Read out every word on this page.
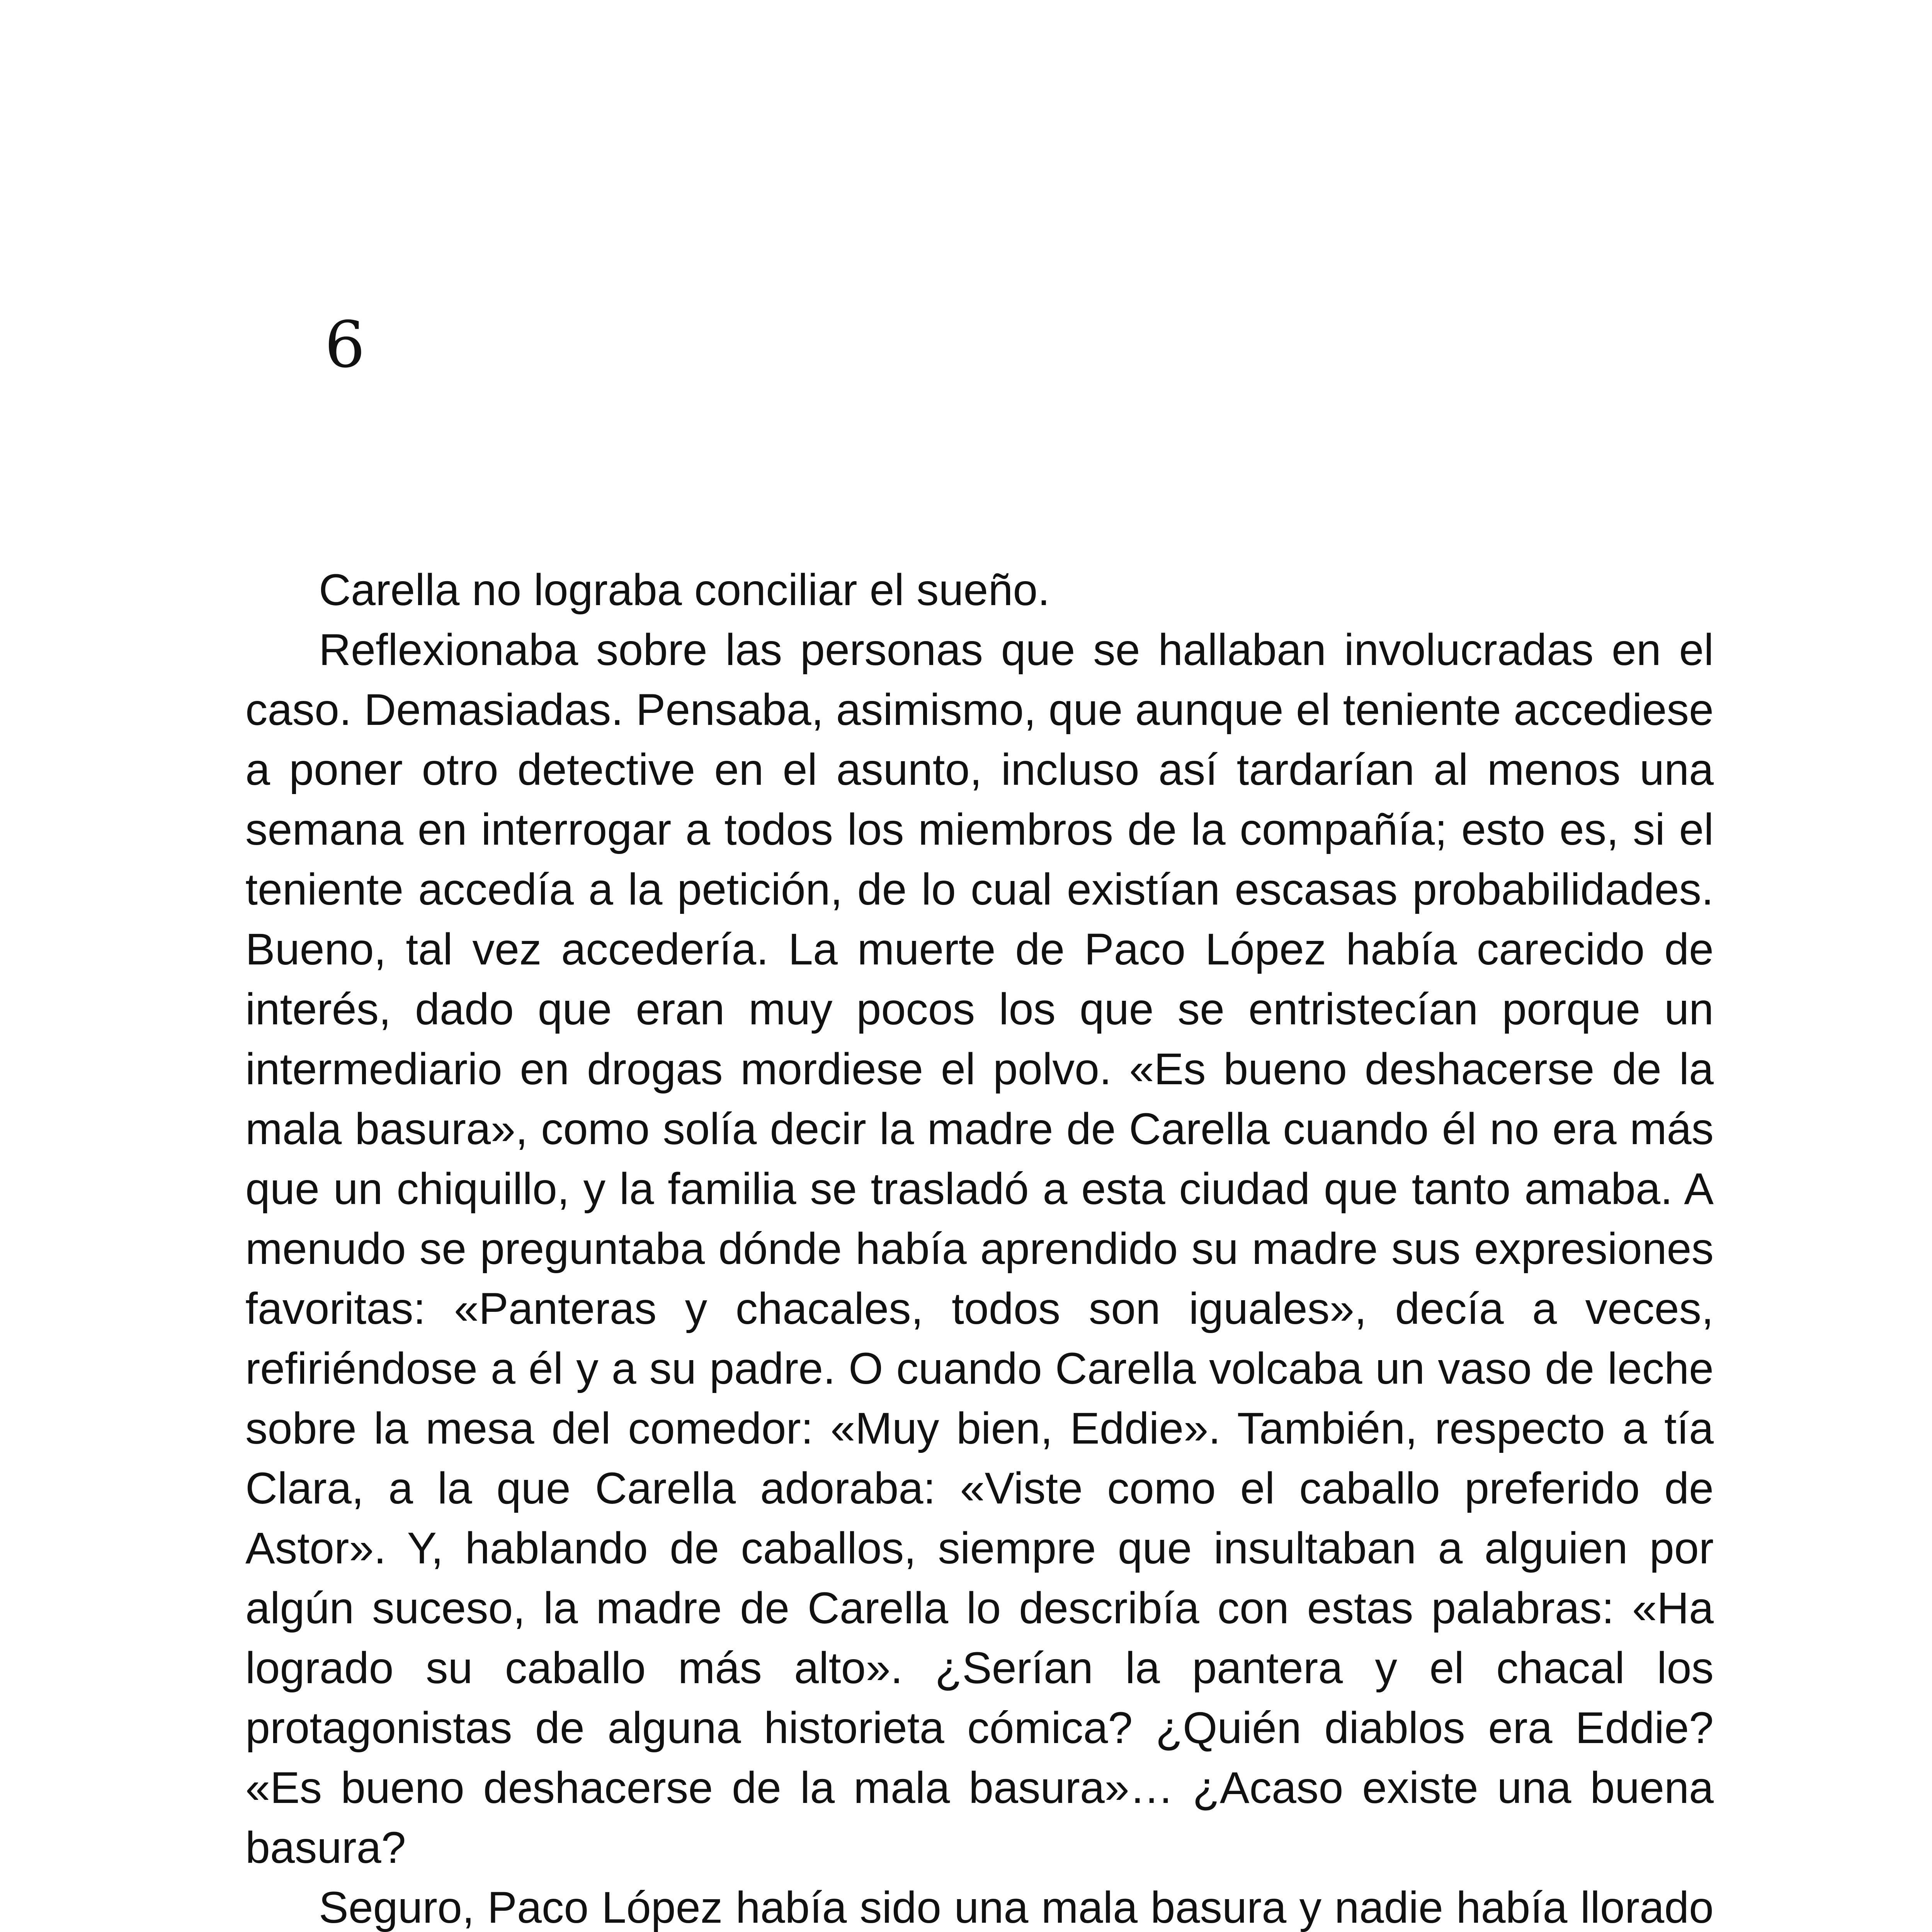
6

Carella no lograba conciliar el sueño.

Reflexionaba sobre las personas que se hallaban involucradas en el caso. Demasiadas. Pensaba, asimismo, que aunque el teniente accediese a poner otro detective en el asunto, incluso así tardarían al menos una semana en interrogar a todos los miembros de la compañía; esto es, si el teniente accedía a la petición, de lo cual existían escasas probabilidades. Bueno, tal vez accedería. La muerte de Paco López había carecido de interés, dado que eran muy pocos los que se entristecían porque un intermediario en drogas mordiese el polvo. «Es bueno deshacerse de la mala basura», como solía decir la madre de Carella cuando él no era más que un chiquillo, y la familia se trasladó a esta ciudad que tanto amaba. A menudo se preguntaba dónde había aprendido su madre sus expresiones favoritas: «Panteras y chacales, todos son iguales», decía a veces, refiriéndose a él y a su padre. O cuando Carella volcaba un vaso de leche sobre la mesa del comedor: «Muy bien, Eddie». También, respecto a tía Clara, a la que Carella adoraba: «Viste como el caballo preferido de Astor». Y, hablando de caballos, siempre que insultaban a alguien por algún suceso, la madre de Carella lo describía con estas palabras: «Ha logrado su caballo más alto». ¿Serían la pantera y el chacal los protagonistas de alguna historieta cómica? ¿Quién diablos era Eddie? «Es bueno deshacerse de la mala basura»… ¿Acaso existe una buena basura?

Seguro, Paco López había sido una mala basura y nadie había llorado
